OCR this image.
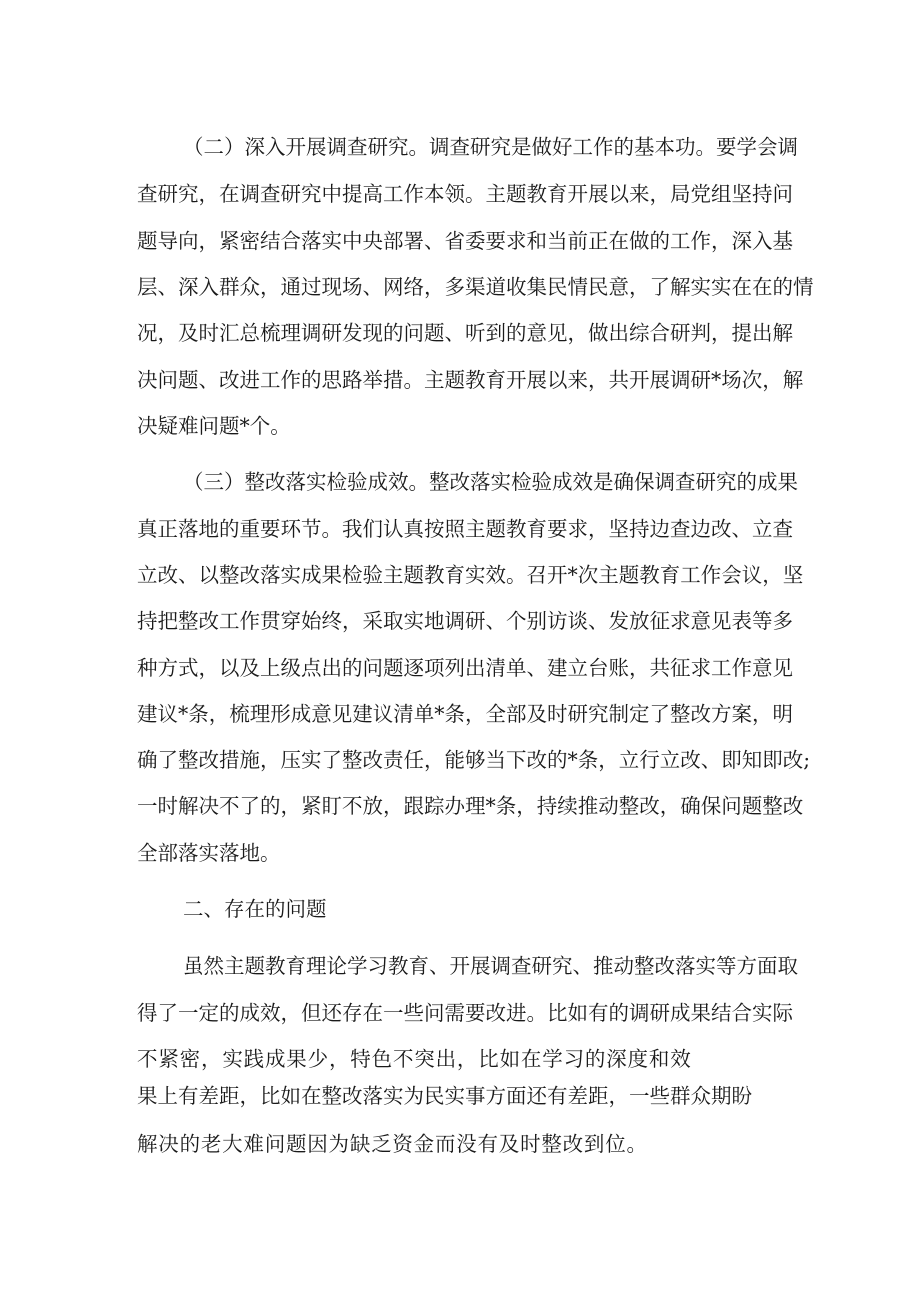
（ 二 ） 深 入 开 展 调 查 研 究 。 调 查 研 究 是 做 好 工 作 的 基 本 功 。 要 学 会 调
查 研 究 ， 在 调 查 研 究 中 提 高 工 作 本 领 。 主 题 教 育 开 展 以 来 ， 局 党 组 坚 持 问
题 导 向 ， 紧 密 结 合 落 实 中 央 部 署 、 省 委 要 求 和 当 前 正 在 做 的 工 作 ， 深 入 基
层 、 深 入 群 众 ， 通 过 现 场 、 网 络 ， 多 渠 道 收 集 民 情 民 意 ， 了 解 实 实 在 在 的 情
况 ， 及 时 汇 总 梳 理 调 研 发 现 的 问 题 、 听 到 的 意 见 ， 做 出 综 合 研 判 ， 提 出 解
决 问 题 、 改 进 工 作 的 思 路 举 措 。 主 题 教 育 开 展 以 来 ， 共 开 展 调 研 * 场 次 ， 解
决疑难问题*个。
（ 三 ） 整 改 落 实 检 验 成 效 。 整 改 落 实 检 验 成 效 是 确 保 调 查 研 究 的 成 果
真 正 落 地 的 重 要 环 节 。 我 们 认 真 按 照 主 题 教 育 要 求 ， 坚 持 边 查 边 改 、 立 查
立 改 、 以 整 改 落 实 成 果 检 验 主 题 教 育 实 效 。 召 开 * 次 主 题 教 育 工 作 会 议 ， 坚
持 把 整 改 工 作 贯 穿 始 终 ， 采 取 实 地 调 研 、 个 别 访 谈 、 发 放 征 求 意 见 表 等 多
种 方 式 ， 以 及 上 级 点 出 的 问 题 逐 项 列 出 清 单 、 建 立 台 账 ， 共 征 求 工 作 意 见
建 议 * 条 ， 梳 理 形 成 意 见 建 议 清 单 * 条 ， 全 部 及 时 研 究 制 定 了 整 改 方 案 ， 明
确 了 整 改 措 施 ， 压 实 了 整 改 责 任 ， 能 够 当 下 改 的 * 条 ， 立 行 立 改 、 即 知 即 改 ;
一 时 解 决 不 了 的 ， 紧 盯 不 放 ， 跟 踪 办 理 * 条 ， 持 续 推 动 整 改 ， 确 保 问 题 整 改
全部落实落地。
二、存在的问题
虽 然 主 题 教 育 理 论 学 习 教 育 、 开 展 调 查 研 究 、 推 动 整 改 落 实 等 方 面 取
得 了 一 定 的 成 效 ， 但 还 存 在 一 些 问 需 要 改 进 。 比 如 有 的 调 研 成 果 结 合 实 际
不 紧 密 ， 实 践 成 果 少 ， 特 色 不 突 出 ， 比 如 在 学 习 的 深 度 和 效
果 上 有 差 距 ， 比 如 在 整 改 落 实 为 民 实 事 方 面 还 有 差 距 ， 一 些 群 众 期 盼
解 决 的 老 大 难 问 题 因 为 缺 乏 资 金 而 没 有 及 时 整 改 到 位 。
